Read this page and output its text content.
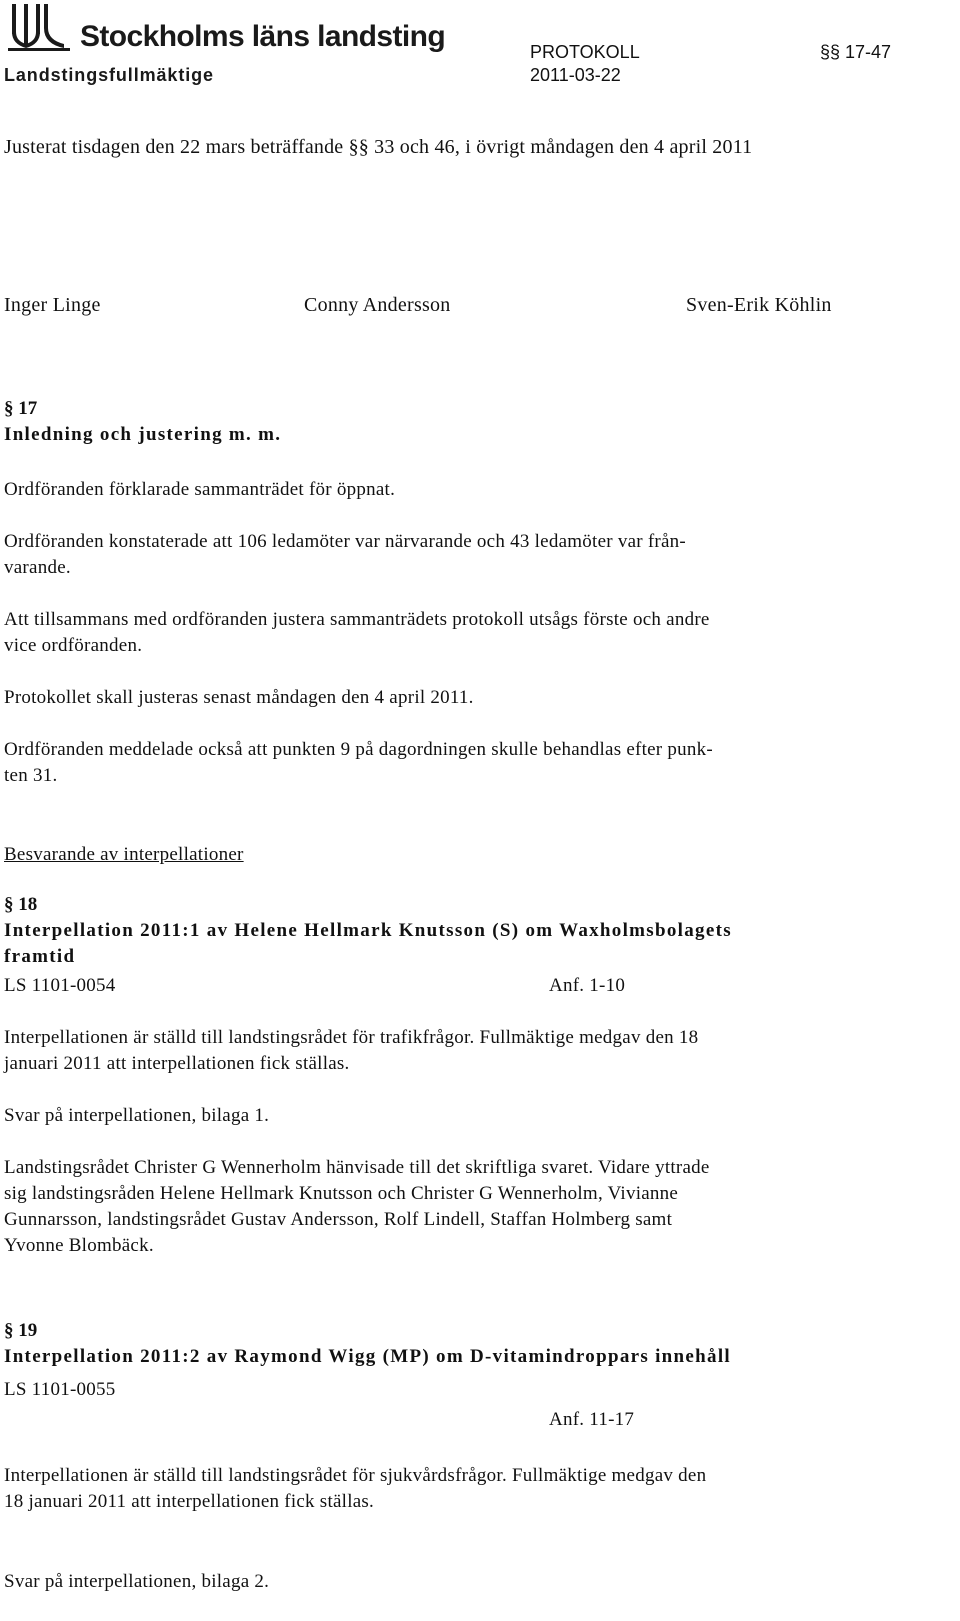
Stockholms läns landsting
Landstingsfullmäktige
PROTOKOLL
2011-03-22
§§ 17-47
Justerat tisdagen den 22 mars beträffande §§ 33 och 46, i övrigt måndagen den 4 april 2011
Inger Linge	Conny Andersson	Sven-Erik Köhlin
§ 17
Inledning och justering m. m.
Ordföranden förklarade sammanträdet för öppnat.
Ordföranden konstaterade att 106 ledamöter var närvarande och 43 ledamöter var från-
varande.
Att tillsammans med ordföranden justera sammanträdets protokoll utsågs förste och andre
vice ordföranden.
Protokollet skall justeras senast måndagen den 4 april 2011.
Ordföranden meddelade också att punkten 9 på dagordningen skulle behandlas efter punk-
ten 31.
Besvarande av interpellationer
§ 18
Interpellation 2011:1 av Helene Hellmark Knutsson (S) om Waxholmsbolagets
framtid
LS 1101-0054	Anf. 1-10
Interpellationen är ställd till landstingsrådet för trafikfrågor. Fullmäktige medgav den 18
januari 2011 att interpellationen fick ställas.
Svar på interpellationen, bilaga 1.
Landstingsrådet Christer G Wennerholm hänvisade till det skriftliga svaret. Vidare yttrade
sig landstingsråden Helene Hellmark Knutsson och Christer G Wennerholm, Vivianne
Gunnarsson, landstingsrådet Gustav Andersson, Rolf Lindell, Staffan Holmberg samt
Yvonne Blombäck.
§ 19
Interpellation 2011:2 av Raymond Wigg (MP) om D-vitamindroppars innehåll
LS 1101-0055
Anf. 11-17
Interpellationen är ställd till landstingsrådet för sjukvårdsfrågor. Fullmäktige medgav den
18 januari 2011 att interpellationen fick ställas.
Svar på interpellationen, bilaga 2.
